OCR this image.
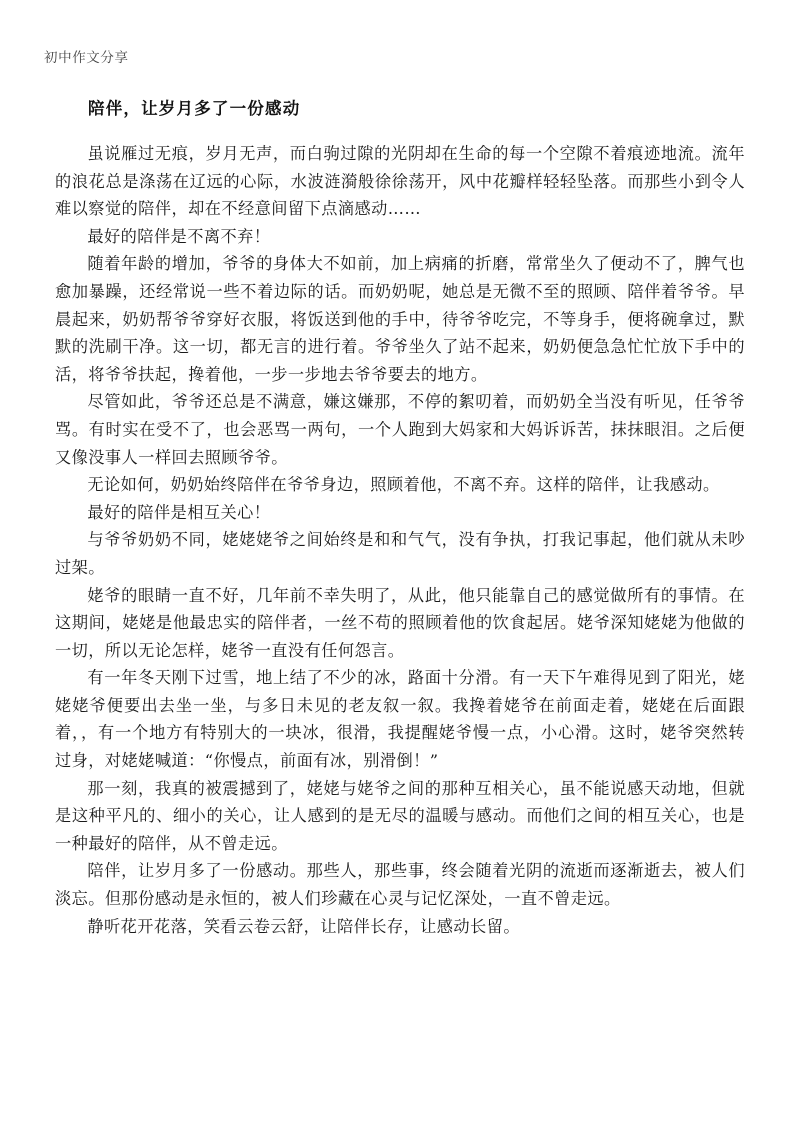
初中作文分享
陪伴，让岁月多了一份感动

虽说雁过无痕，岁月无声，而白驹过隙的光阴却在生命的每一个空隙不着痕迹地流。流年的浪花总是涤荡在辽远的心际，水波涟漪般徐徐荡开，风中花瓣样轻轻坠落。而那些小到令人难以察觉的陪伴，却在不经意间留下点滴感动……

最好的陪伴是不离不弃！

随着年龄的增加，爷爷的身体大不如前，加上病痛的折磨，常常坐久了便动不了，脾气也愈加暴躁，还经常说一些不着边际的话。而奶奶呢，她总是无微不至的照顾、陪伴着爷爷。早晨起来，奶奶帮爷爷穿好衣服，将饭送到他的手中，待爷爷吃完，不等身手，便将碗拿过，默默的洗刷干净。这一切，都无言的进行着。爷爷坐久了站不起来，奶奶便急急忙忙放下手中的活，将爷爷扶起，搀着他，一步一步地去爷爷要去的地方。

尽管如此，爷爷还总是不满意，嫌这嫌那，不停的絮叨着，而奶奶全当没有听见，任爷爷骂。有时实在受不了，也会恶骂一两句，一个人跑到大妈家和大妈诉诉苦，抹抹眼泪。之后便又像没事人一样回去照顾爷爷。

无论如何，奶奶始终陪伴在爷爷身边，照顾着他，不离不弃。这样的陪伴，让我感动。

最好的陪伴是相互关心！

与爷爷奶奶不同，姥姥姥爷之间始终是和和气气，没有争执，打我记事起，他们就从未吵过架。

姥爷的眼睛一直不好，几年前不幸失明了，从此，他只能靠自己的感觉做所有的事情。在这期间，姥姥是他最忠实的陪伴者，一丝不苟的照顾着他的饮食起居。姥爷深知姥姥为他做的一切，所以无论怎样，姥爷一直没有任何怨言。

有一年冬天刚下过雪，地上结了不少的冰，路面十分滑。有一天下午难得见到了阳光，姥姥姥爷便要出去坐一坐，与多日未见的老友叙一叙。我搀着姥爷在前面走着，姥姥在后面跟着，，有一个地方有特别大的一块冰，很滑，我提醒姥爷慢一点，小心滑。这时，姥爷突然转过身，对姥姥喊道：“你慢点，前面有冰，别滑倒！”

那一刻，我真的被震撼到了，姥姥与姥爷之间的那种互相关心，虽不能说感天动地，但就是这种平凡的、细小的关心，让人感到的是无尽的温暖与感动。而他们之间的相互关心，也是一种最好的陪伴，从不曾走远。

陪伴，让岁月多了一份感动。那些人，那些事，终会随着光阴的流逝而逐渐逝去，被人们淡忘。但那份感动是永恒的，被人们珍藏在心灵与记忆深处，一直不曾走远。

静听花开花落，笑看云卷云舒，让陪伴长存，让感动长留。
